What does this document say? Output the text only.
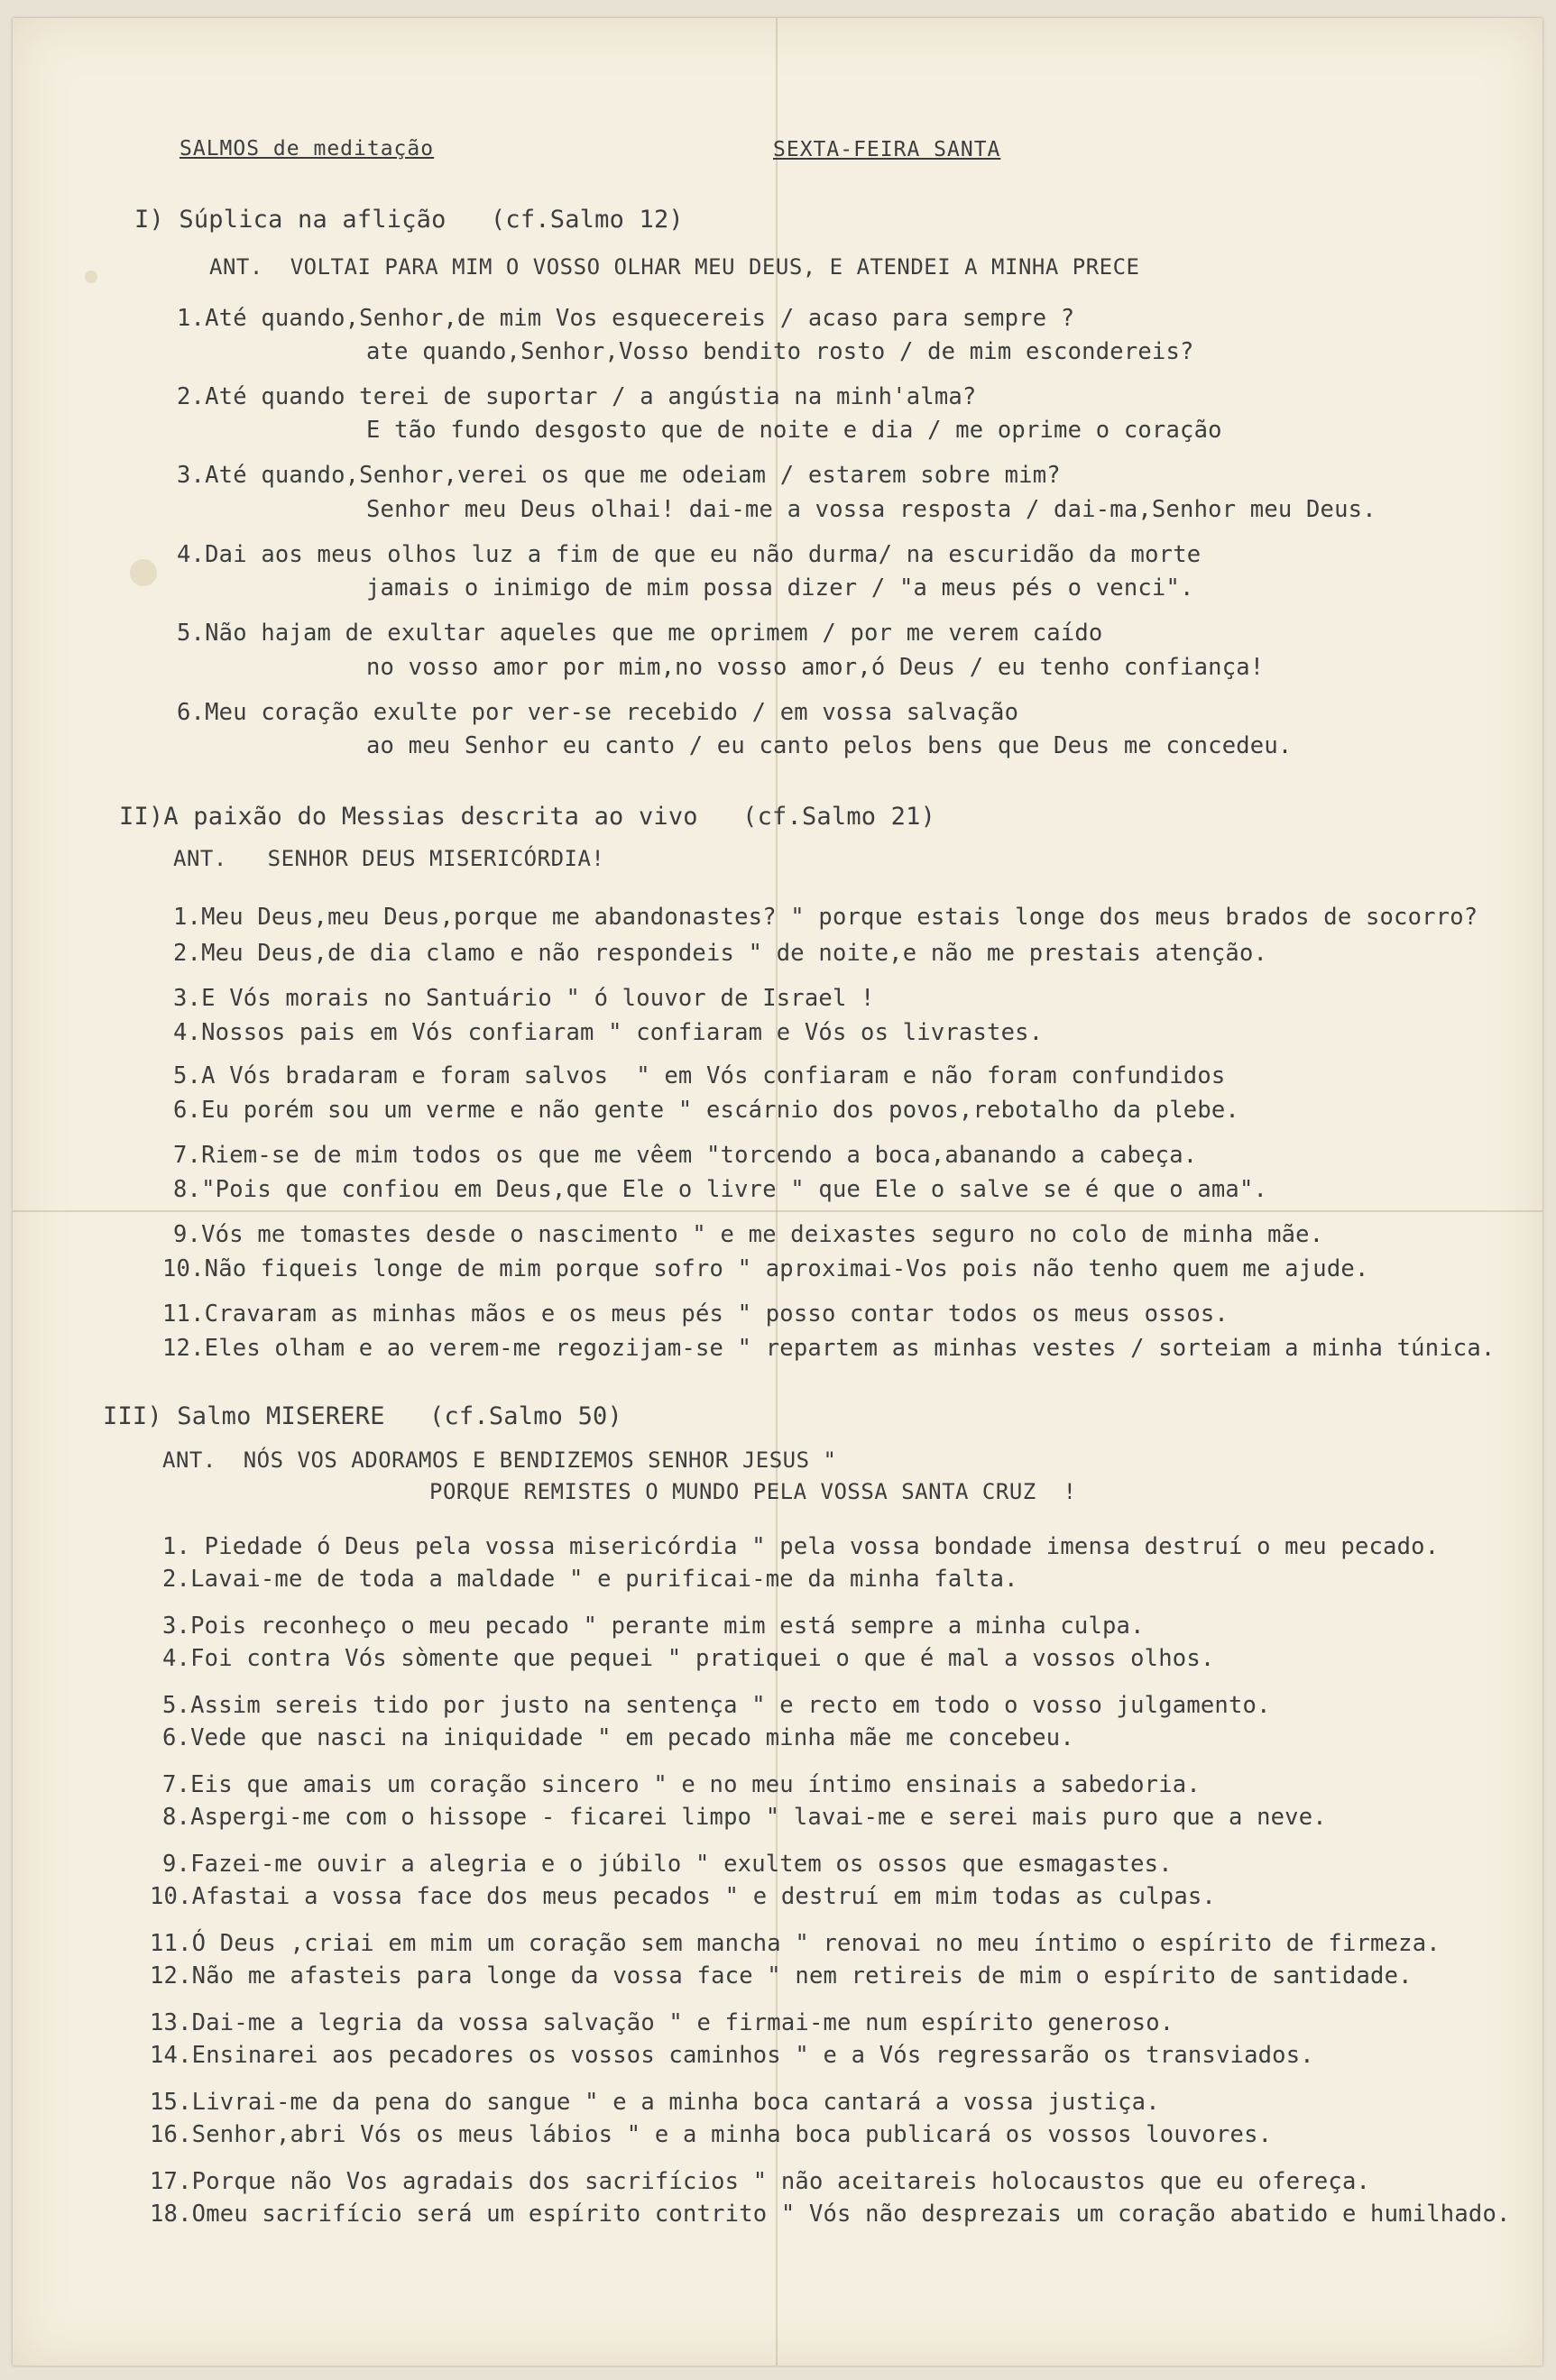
SALMOS de meditação	SEXTA-FEIRA SANTA
I) Súplica na aflição   (cf.Salmo 12)
ANT.  VOLTAI PARA MIM O VOSSO OLHAR MEU DEUS, E ATENDEI A MINHA PRECE
1.Até quando,Senhor,de mim Vos esquecereis / acaso para sempre ?
ate quando,Senhor,Vosso bendito rosto / de mim escondereis?
2.Até quando terei de suportar / a angústia na minh'alma?
E tão fundo desgosto que de noite e dia / me oprime o coração
3.Até quando,Senhor,verei os que me odeiam / estarem sobre mim?
Senhor meu Deus olhai! dai-me a vossa resposta / dai-ma,Senhor meu Deus.
4.Dai aos meus olhos luz a fim de que eu não durma/ na escuridão da morte
jamais o inimigo de mim possa dizer / "a meus pés o venci".
5.Não hajam de exultar aqueles que me oprimem / por me verem caído
no vosso amor por mim,no vosso amor,ó Deus / eu tenho confiança!
6.Meu coração exulte por ver-se recebido / em vossa salvação
ao meu Senhor eu canto / eu canto pelos bens que Deus me concedeu.
II)A paixão do Messias descrita ao vivo   (cf.Salmo 21)
ANT.   SENHOR DEUS MISERICÓRDIA!
1.Meu Deus,meu Deus,porque me abandonastes? " porque estais longe dos meus brados de socorro?
2.Meu Deus,de dia clamo e não respondeis " de noite,e não me prestais atenção.
3.E Vós morais no Santuário " ó louvor de Israel !
4.Nossos pais em Vós confiaram " confiaram e Vós os livrastes.
5.A Vós bradaram e foram salvos  " em Vós confiaram e não foram confundidos
6.Eu porém sou um verme e não gente " escárnio dos povos,rebotalho da plebe.
7.Riem-se de mim todos os que me vêem "torcendo a boca,abanando a cabeça.
8."Pois que confiou em Deus,que Ele o livre " que Ele o salve se é que o ama".
9.Vós me tomastes desde o nascimento " e me deixastes seguro no colo de minha mãe.
10.Não fiqueis longe de mim porque sofro " aproximai-Vos pois não tenho quem me ajude.
11.Cravaram as minhas mãos e os meus pés " posso contar todos os meus ossos.
12.Eles olham e ao verem-me regozijam-se " repartem as minhas vestes / sorteiam a minha túnica.
III) Salmo MISERERE   (cf.Salmo 50)
ANT.  NÓS VOS ADORAMOS E BENDIZEMOS SENHOR JESUS "
PORQUE REMISTES O MUNDO PELA VOSSA SANTA CRUZ  !
1. Piedade ó Deus pela vossa misericórdia " pela vossa bondade imensa destruí o meu pecado.
2.Lavai-me de toda a maldade " e purificai-me da minha falta.
3.Pois reconheço o meu pecado " perante mim está sempre a minha culpa.
4.Foi contra Vós sòmente que pequei " pratiquei o que é mal a vossos olhos.
5.Assim sereis tido por justo na sentença " e recto em todo o vosso julgamento.
6.Vede que nasci na iniquidade " em pecado minha mãe me concebeu.
7.Eis que amais um coração sincero " e no meu íntimo ensinais a sabedoria.
8.Aspergi-me com o hissope - ficarei limpo " lavai-me e serei mais puro que a neve.
9.Fazei-me ouvir a alegria e o júbilo " exultem os ossos que esmagastes.
10.Afastai a vossa face dos meus pecados " e destruí em mim todas as culpas.
11.Ó Deus ,criai em mim um coração sem mancha " renovai no meu íntimo o espírito de firmeza.
12.Não me afasteis para longe da vossa face " nem retireis de mim o espírito de santidade.
13.Dai-me a legria da vossa salvação " e firmai-me num espírito generoso.
14.Ensinarei aos pecadores os vossos caminhos " e a Vós regressarão os transviados.
15.Livrai-me da pena do sangue " e a minha boca cantará a vossa justiça.
16.Senhor,abri Vós os meus lábios " e a minha boca publicará os vossos louvores.
17.Porque não Vos agradais dos sacrifícios " não aceitareis holocaustos que eu ofereça.
18.Omeu sacrifício será um espírito contrito " Vós não desprezais um coração abatido e humilhado.
